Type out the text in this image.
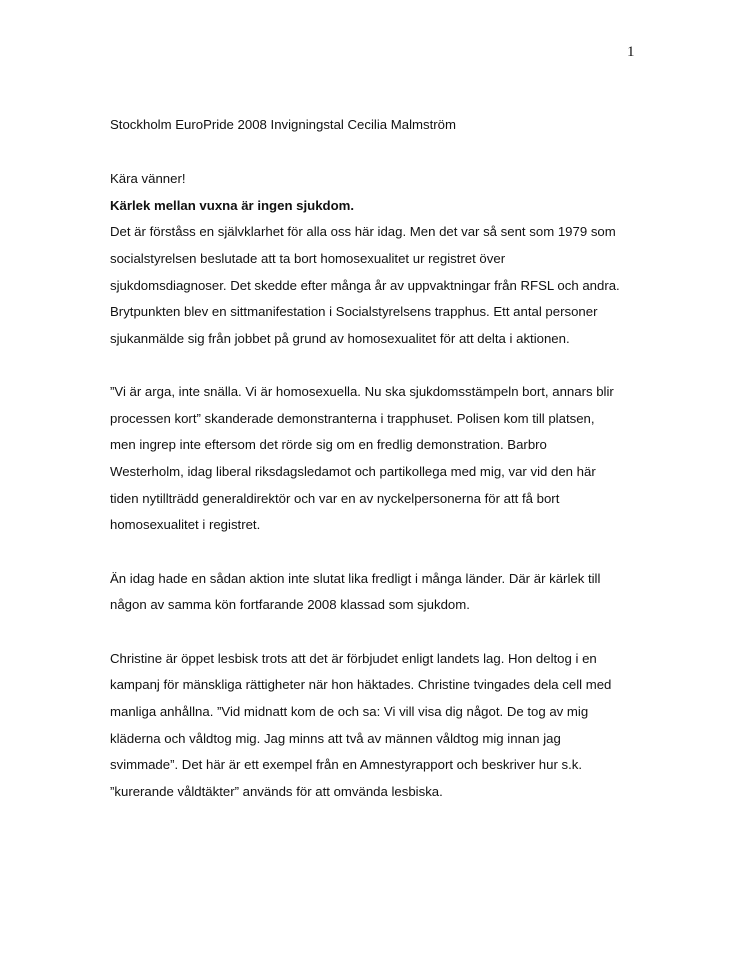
1
Stockholm EuroPride 2008 Invigningstal Cecilia Malmström
Kära vänner!
Kärlek mellan vuxna är ingen sjukdom.
Det är förståss en självklarhet för alla oss här idag. Men det var så sent som 1979 som
socialstyrelsen beslutade att ta bort homosexualitet ur registret över
sjukdomsdiagnoser. Det skedde efter många år av uppvaktningar från RFSL och andra.
Brytpunkten blev en sittmanifestation i Socialstyrelsens trapphus. Ett antal personer
sjukanmälde sig från jobbet på grund av homosexualitet för att delta i aktionen.
”Vi är arga, inte snälla. Vi är homosexuella. Nu ska sjukdomsstämpeln bort, annars blir
processen kort” skanderade demonstranterna i trapphuset. Polisen kom till platsen,
men ingrep inte eftersom det rörde sig om en fredlig demonstration. Barbro
Westerholm, idag liberal riksdagsledamot och partikollega med mig, var vid den här
tiden nytillträdd generaldirektör och var en av nyckelpersonerna för att få bort
homosexualitet i registret.
Än idag hade en sådan aktion inte slutat lika fredligt i många länder. Där är kärlek till
någon av samma kön fortfarande 2008 klassad som sjukdom.
Christine är öppet lesbisk trots att det är förbjudet enligt landets lag. Hon deltog i en
kampanj för mänskliga rättigheter när hon häktades. Christine tvingades dela cell med
manliga anhållna. ”Vid midnatt kom de och sa: Vi vill visa dig något. De tog av mig
kläderna och våldtog mig. Jag minns att två av männen våldtog mig innan jag
svimmade”. Det här är ett exempel från en Amnestyrapport och beskriver hur s.k.
”kurerande våldtäkter” används för att omvända lesbiska.
